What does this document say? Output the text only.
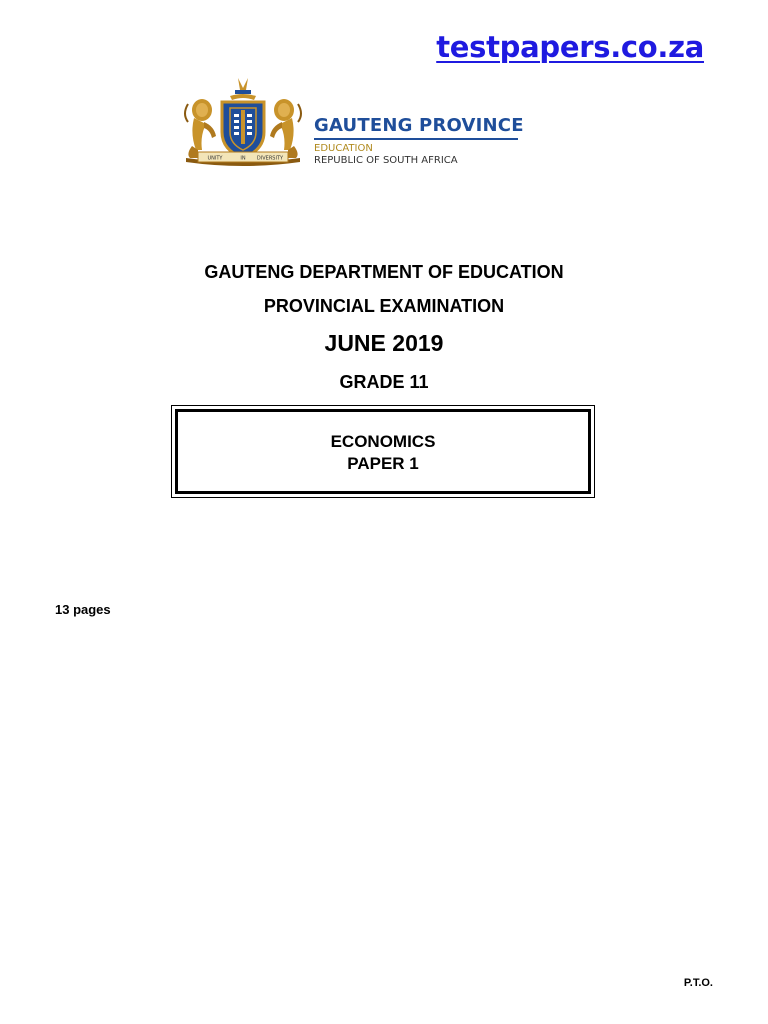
testpapers.co.za
UNITY	IN DIVERSITY
GAUTENG PROVINCE
EDUCATION
REPUBLIC OF SOUTH AFRICA
GAUTENG DEPARTMENT OF EDUCATION
PROVINCIAL EXAMINATION
JUNE 2019
GRADE 11
ECONOMICS
PAPER 1
13 pages
P.T.O.
